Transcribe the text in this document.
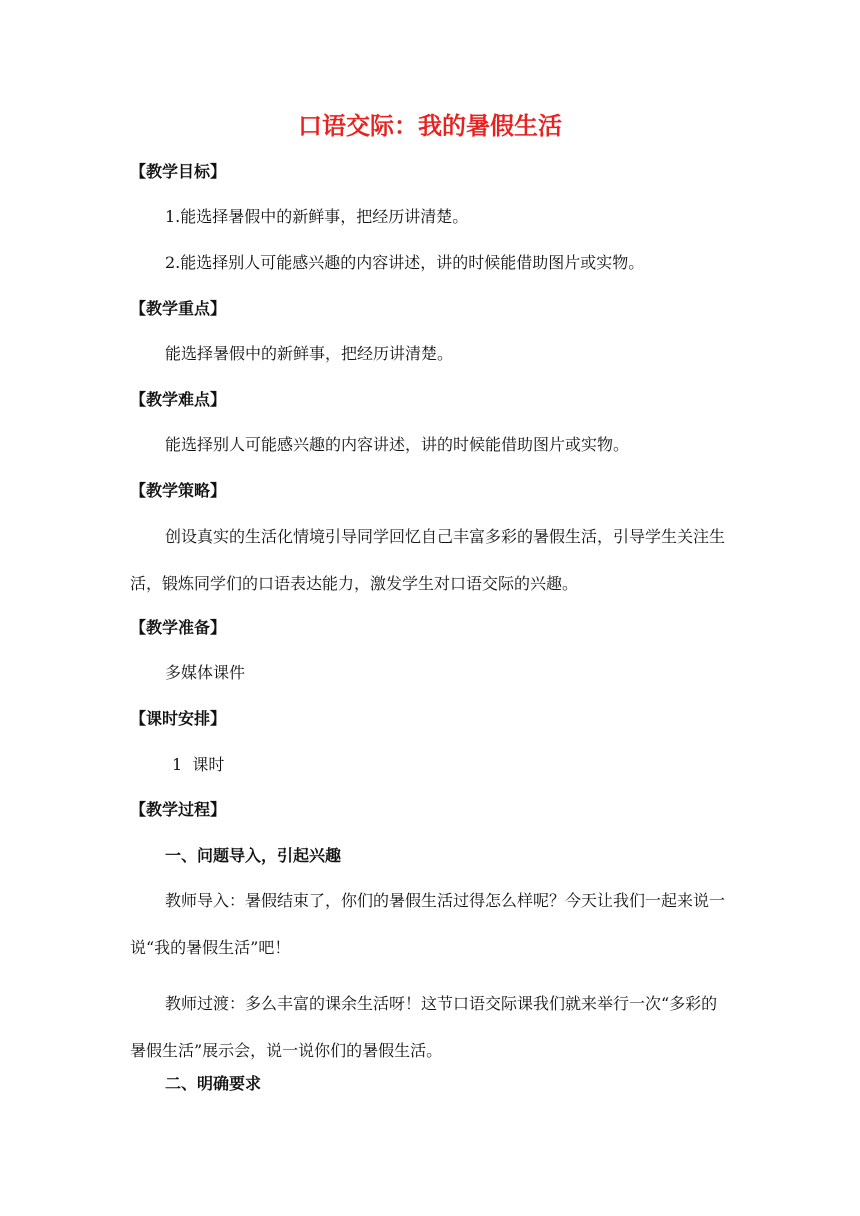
口语交际：我的暑假生活
【教学目标】
1.能选择暑假中的新鲜事，把经历讲清楚。
2.能选择别人可能感兴趣的内容讲述，讲的时候能借助图片或实物。
【教学重点】
能选择暑假中的新鲜事，把经历讲清楚。
【教学难点】
能选择别人可能感兴趣的内容讲述，讲的时候能借助图片或实物。
【教学策略】
创设真实的生活化情境引导同学回忆自己丰富多彩的暑假生活，引导学生关注生活，锻炼同学们的口语表达能力，激发学生对口语交际的兴趣。
【教学准备】
多媒体课件
【课时安排】
1  课时
【教学过程】
一、问题导入，引起兴趣
教师导入：暑假结束了，你们的暑假生活过得怎么样呢？今天让我们一起来说一说“我的暑假生活”吧！
教师过渡：多么丰富的课余生活呀！这节口语交际课我们就来举行一次“多彩的暑假生活”展示会，说一说你们的暑假生活。
二、明确要求
